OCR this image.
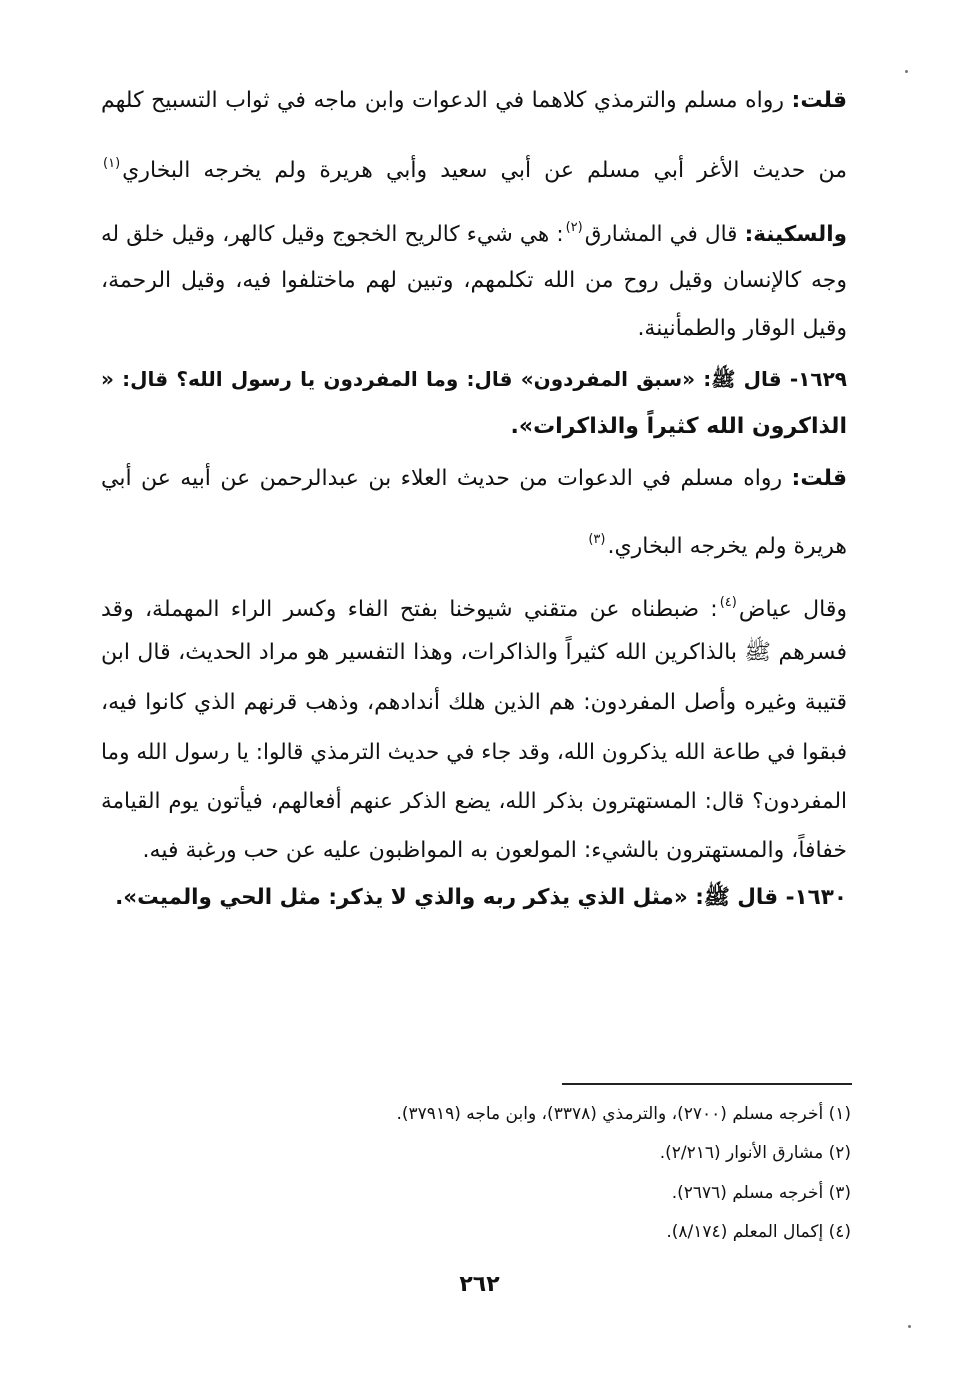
قلت: رواه مسلم والترمذي كلاهما في الدعوات وابن ماجه في ثواب التسبيح كلهم
من حديث الأغر أبي مسلم عن أبي سعيد وأبي هريرة ولم يخرجه البخاري$^{(١)}$
والسكينة: قال في المشارق$^{(٢)}$: هي شيء كالريح الخجوج وقيل كالهر، وقيل خلق له
وجه كالإنسان وقيل روح من الله تكلمهم، وتبين لهم ماختلفوا فيه، وقيل الرحمة،
وقيل الوقار والطمأنينة.
١٦٢٩- قال ﷺ: «سبق المفردون» قال: وما المفردون يا رسول الله؟ قال: «
الذاكرون الله كثيراً والذاكرات».
قلت: رواه مسلم في الدعوات من حديث العلاء بن عبدالرحمن عن أبيه عن أبي
هريرة ولم يخرجه البخاري.$^{(٣)}$
وقال عياض$^{(٤)}$: ضبطناه عن متقني شيوخنا بفتح الفاء وكسر الراء المهملة، وقد
فسرهم ﷺ بالذاكرين الله كثيراً والذاكرات، وهذا التفسير هو مراد الحديث، قال ابن
قتيبة وغيره وأصل المفردون: هم الذين هلك أندادهم، وذهب قرنهم الذي كانوا فيه،
فبقوا في طاعة الله يذكرون الله، وقد جاء في حديث الترمذي قالوا: يا رسول الله وما
المفردون؟ قال: المستهترون بذكر الله، يضع الذكر عنهم أفعالهم، فيأتون يوم القيامة
خفافاً، والمستهترون بالشيء: المولعون به المواظبون عليه عن حب ورغبة فيه.
١٦٣٠- قال ﷺ: «مثل الذي يذكر ربه والذي لا يذكر: مثل الحي والميت».
(١) أخرجه مسلم (٢٧٠٠)، والترمذي (٣٣٧٨)، وابن ماجه (٣٧٩١٩).
(٢) مشارق الأنوار (٢/٢١٦).
(٣) أخرجه مسلم (٢٦٧٦).
(٤) إكمال المعلم (٨/١٧٤).
٢٦٢
